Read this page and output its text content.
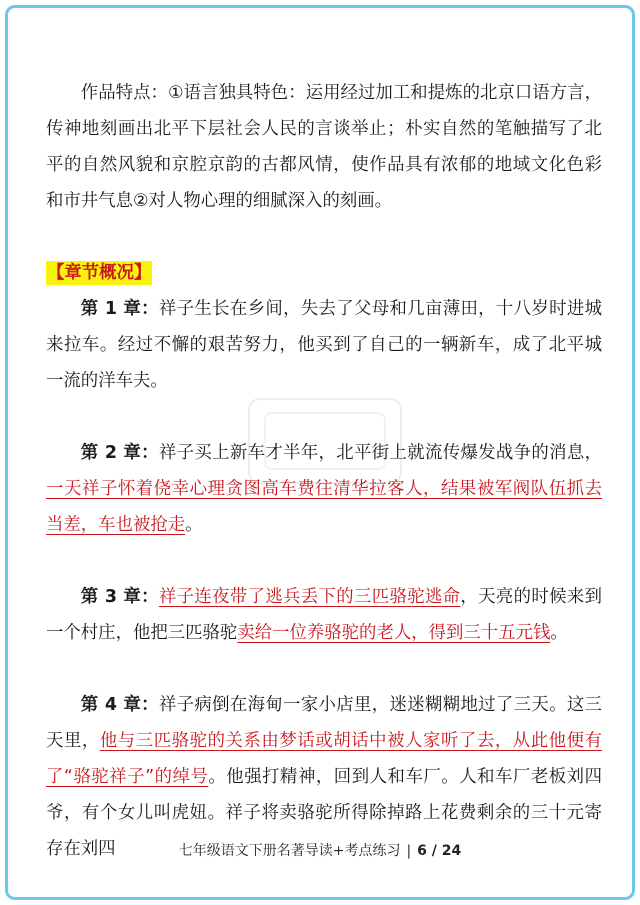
作品特点：①语言独具特色：运用经过加工和提炼的北京口语方言，传神地刻画出北平下层社会人民的言谈举止；朴实自然的笔触描写了北平的自然风貌和京腔京韵的古都风情，使作品具有浓郁的地域文化色彩和市井气息②对人物心理的细腻深入的刻画。

【章节概况】

第 1 章：祥子生长在乡间，失去了父母和几亩薄田，十八岁时进城来拉车。经过不懈的艰苦努力，他买到了自己的一辆新车，成了北平城一流的洋车夫。

第 2 章：祥子买上新车才半年，北平街上就流传爆发战争的消息，一天祥子怀着侥幸心理贪图高车费往清华拉客人，结果被军阀队伍抓去当差，车也被抢走。

第 3 章：祥子连夜带了逃兵丢下的三匹骆驼逃命，天亮的时候来到一个村庄，他把三匹骆驼卖给一位养骆驼的老人，得到三十五元钱。

第 4 章：祥子病倒在海甸一家小店里，迷迷糊糊地过了三天。这三天里，他与三匹骆驼的关系由梦话或胡话中被人家听了去，从此他便有了“骆驼祥子”的绰号。他强打精神，回到人和车厂。人和车厂老板刘四爷，有个女儿叫虎妞。祥子将卖骆驼所得除掉路上花费剩余的三十元寄存在刘四	七年级语文下册名著导读+考点练习 | 6 / 24
